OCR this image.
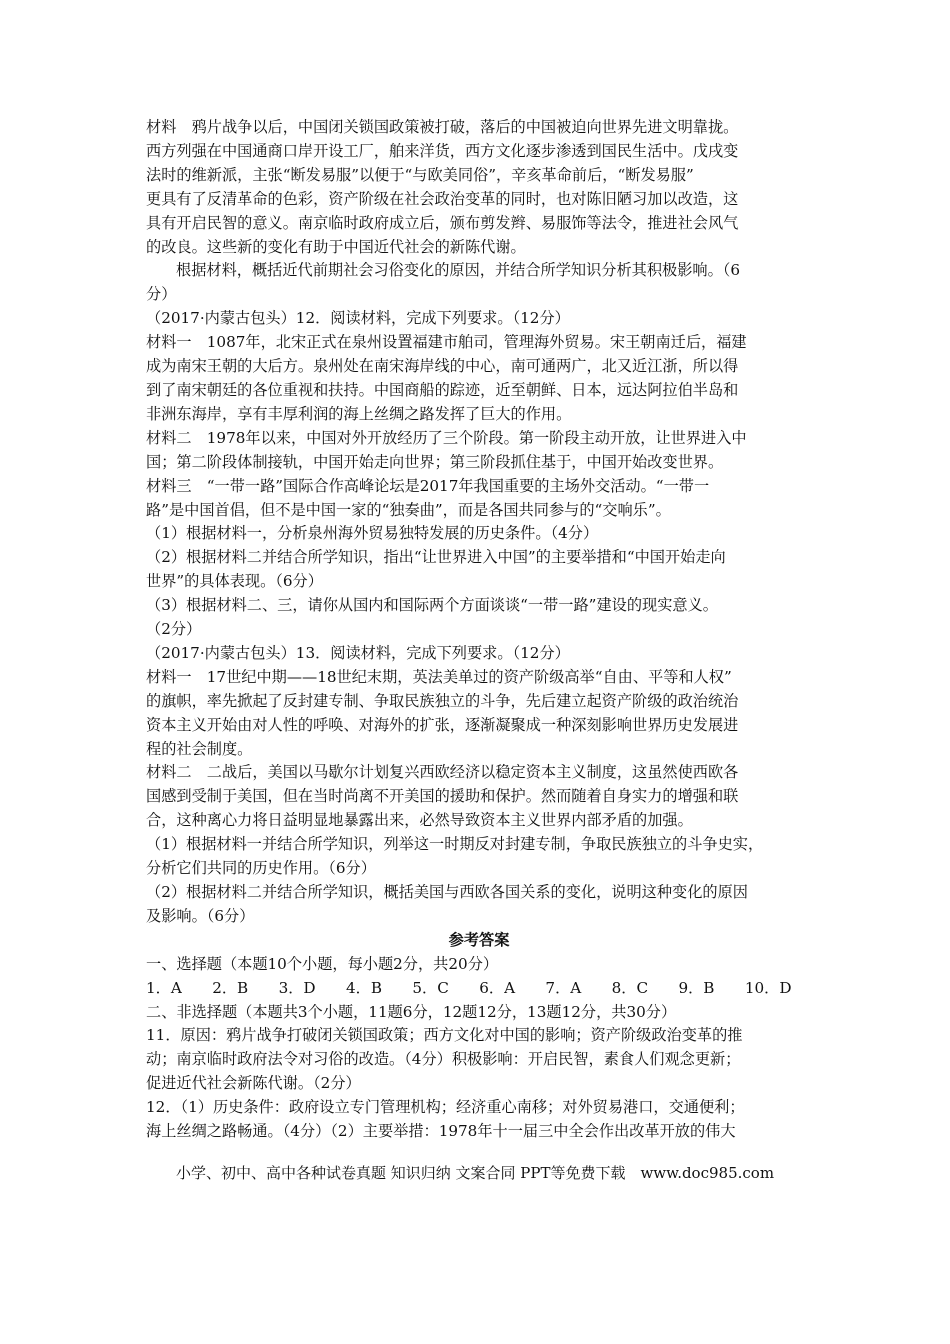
材料　鸦片战争以后，中国闭关锁国政策被打破，落后的中国被迫向世界先进文明靠拢。
西方列强在中国通商口岸开设工厂，舶来洋货，西方文化逐步渗透到国民生活中。戊戌变
法时的维新派，主张“断发易服”以便于“与欧美同俗”，辛亥革命前后，“断发易服”
更具有了反清革命的色彩，资产阶级在社会政治变革的同时，也对陈旧陋习加以改造，这
具有开启民智的意义。南京临时政府成立后，颁布剪发辫、易服饰等法令，推进社会风气
的改良。这些新的变化有助于中国近代社会的新陈代谢。
根据材料，概括近代前期社会习俗变化的原因，并结合所学知识分析其积极影响。（6
分）
（2017·内蒙古包头）12．阅读材料，完成下列要求。（12分）
材料一　1087年，北宋正式在泉州设置福建市舶司，管理海外贸易。宋王朝南迁后，福建
成为南宋王朝的大后方。泉州处在南宋海岸线的中心，南可通两广，北又近江浙，所以得
到了南宋朝廷的各位重视和扶持。中国商船的踪迹，近至朝鲜、日本，远达阿拉伯半岛和
非洲东海岸，享有丰厚利润的海上丝绸之路发挥了巨大的作用。
材料二　1978年以来，中国对外开放经历了三个阶段。第一阶段主动开放，让世界进入中
国；第二阶段体制接轨，中国开始走向世界；第三阶段抓住基于，中国开始改变世界。
材料三　“一带一路”国际合作高峰论坛是2017年我国重要的主场外交活动。“一带一
路”是中国首倡，但不是中国一家的“独奏曲”，而是各国共同参与的“交响乐”。
（1）根据材料一，分析泉州海外贸易独特发展的历史条件。（4分）
（2）根据材料二并结合所学知识，指出“让世界进入中国”的主要举措和“中国开始走向
世界”的具体表现。（6分）
（3）根据材料二、三，请你从国内和国际两个方面谈谈“一带一路”建设的现实意义。
（2分）
（2017·内蒙古包头）13．阅读材料，完成下列要求。（12分）
材料一　17世纪中期——18世纪末期，英法美单过的资产阶级高举“自由、平等和人权”
的旗帜，率先掀起了反封建专制、争取民族独立的斗争，先后建立起资产阶级的政治统治
资本主义开始由对人性的呼唤、对海外的扩张，逐渐凝聚成一种深刻影响世界历史发展进
程的社会制度。
材料二　二战后，美国以马歇尔计划复兴西欧经济以稳定资本主义制度，这虽然使西欧各
国感到受制于美国，但在当时尚离不开美国的援助和保护。然而随着自身实力的增强和联
合，这种离心力将日益明显地暴露出来，必然导致资本主义世界内部矛盾的加强。
（1）根据材料一并结合所学知识，列举这一时期反对封建专制，争取民族独立的斗争史实，
分析它们共同的历史作用。（6分）
（2）根据材料二并结合所学知识，概括美国与西欧各国关系的变化，说明这种变化的原因
及影响。（6分）
参考答案
一、选择题（本题10个小题，每小题2分，共20分）
1．A　　2．B　　3．D　　4．B　　5．C　　6．A　　7．A　　8．C　　9．B　　10．D
二、非选择题（本题共3个小题，11题6分，12题12分，13题12分，共30分）
11．原因：鸦片战争打破闭关锁国政策；西方文化对中国的影响；资产阶级政治变革的推
动；南京临时政府法令对习俗的改造。（4分）积极影响：开启民智，素食人们观念更新；
促进近代社会新陈代谢。（2分）
12．（1）历史条件：政府设立专门管理机构；经济重心南移；对外贸易港口，交通便利；
海上丝绸之路畅通。（4分）（2）主要举措：1978年十一届三中全会作出改革开放的伟大
小学、初中、高中各种试卷真题 知识归纳 文案合同 PPT等免费下载　www.doc985.com
